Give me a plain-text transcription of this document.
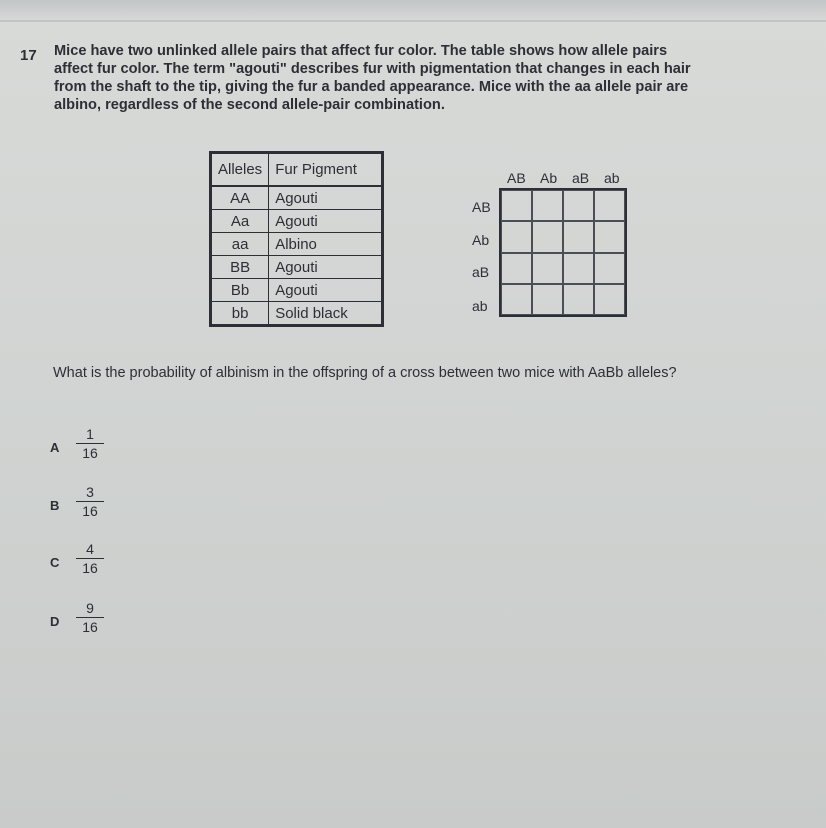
17 Mice have two unlinked allele pairs that affect fur color. The table shows how allele pairs

affect fur color. The term "agouti" describes fur with pigmentation that changes in each hair

from the shaft to the tip, giving the fur a banded appearance. Mice with the aa allele pair are

albino, regardless of the second allele-pair combination.

Alleles	Fur Pigment
AA	Agouti
Aa	Agouti
aa	Albino
BB	Agouti
Bb	Agouti
bb	Solid black
AB Ab aB ab
AB
Ab
aB
ab
What is the probability of albinism in the offspring of a cross between two mice with AaBb alleles?
A
1
16
B
3
16
C
4
16
D
9
16
